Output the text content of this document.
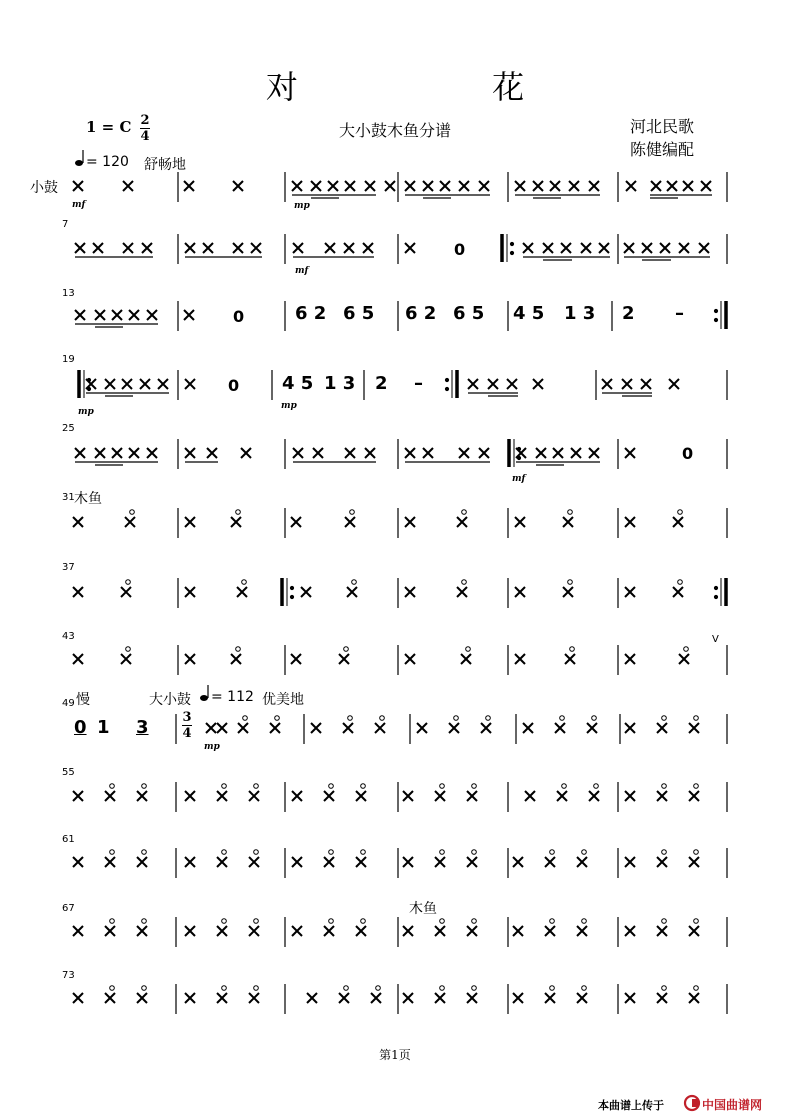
对 花
1 = C 2
4	大小鼓木鱼分谱	河北民歌
陈健编配
= 120 舒畅地
小鼓
7
13
19
25
31 木鱼
37
43
49
55
61
67
73
慢	大小鼓 = 112 优美地
3
4
木鱼
V
6 2 6 5 6 2 6 5 4 5 1 3 2 –
4 5 1 3 2 –
0 1 3
0
0
0
0
mf	mp
mf
mp
mp
mf
mp
第1页
本曲谱上传于	中国曲谱网
